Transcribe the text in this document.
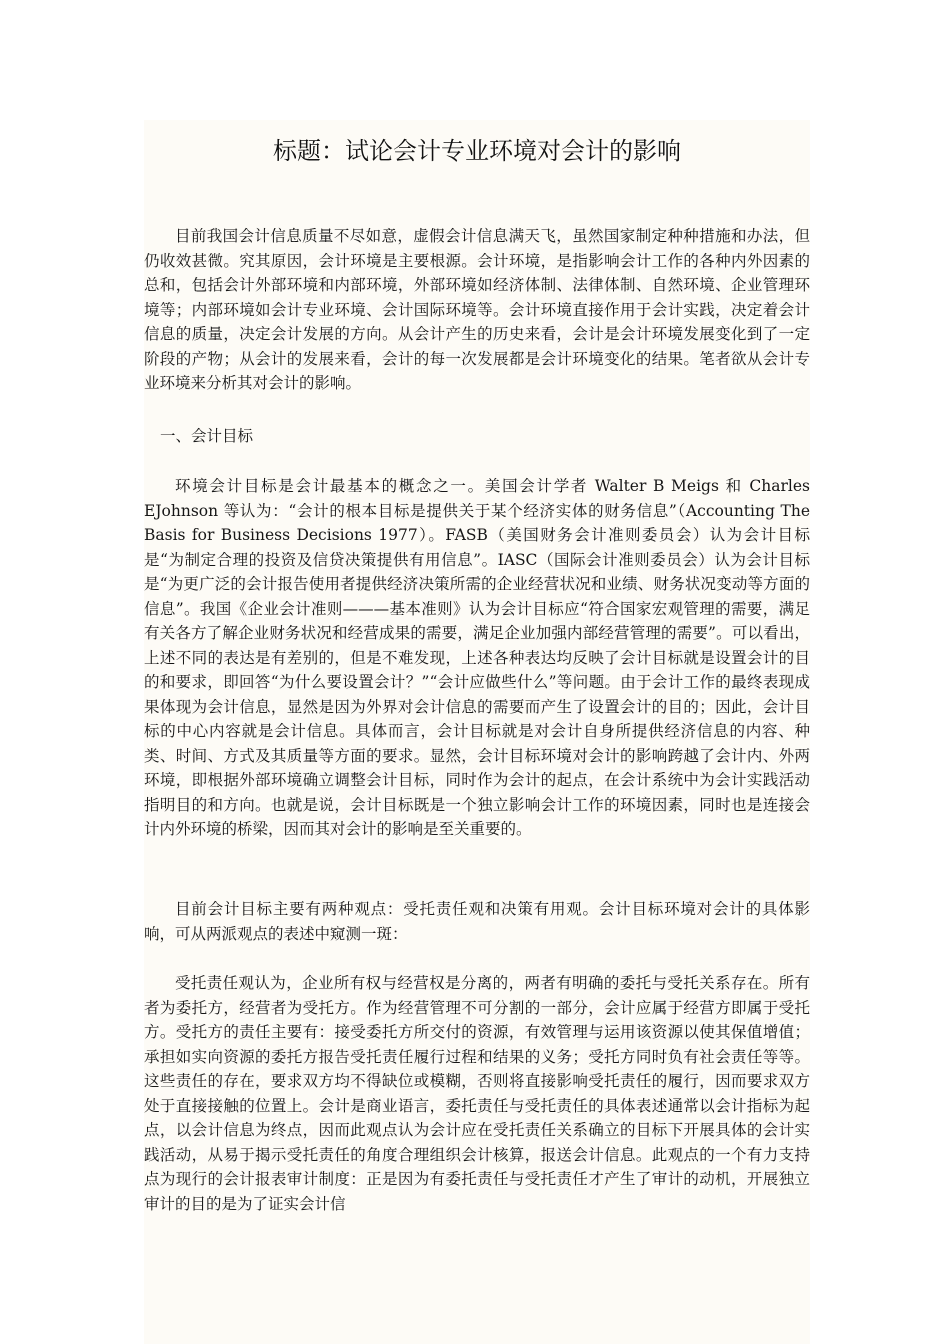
标题：试论会计专业环境对会计的影响

目前我国会计信息质量不尽如意，虚假会计信息满天飞，虽然国家制定种种措施和办法，但仍收效甚微。究其原因，会计环境是主要根源。会计环境，是指影响会计工作的各种内外因素的总和，包括会计外部环境和内部环境，外部环境如经济体制、法律体制、自然环境、企业管理环境等；内部环境如会计专业环境、会计国际环境等。会计环境直接作用于会计实践，决定着会计信息的质量，决定会计发展的方向。从会计产生的历史来看，会计是会计环境发展变化到了一定阶段的产物；从会计的发展来看，会计的每一次发展都是会计环境变化的结果。笔者欲从会计专业环境来分析其对会计的影响。

一、会计目标

环境会计目标是会计最基本的概念之一。美国会计学者 Walter B Meigs 和 Charles EJohnson 等认为：“会计的根本目标是提供关于某个经济实体的财务信息”（Accounting The Basis for Business Decisions 1977）。FASB（美国财务会计准则委员会）认为会计目标是“为制定合理的投资及信贷决策提供有用信息”。IASC（国际会计准则委员会）认为会计目标是“为更广泛的会计报告使用者提供经济决策所需的企业经营状况和业绩、财务状况变动等方面的信息”。我国《企业会计准则———基本准则》认为会计目标应“符合国家宏观管理的需要，满足有关各方了解企业财务状况和经营成果的需要，满足企业加强内部经营管理的需要”。可以看出，上述不同的表达是有差别的，但是不难发现，上述各种表达均反映了会计目标就是设置会计的目的和要求，即回答“为什么要设置会计？”“会计应做些什么”等问题。由于会计工作的最终表现成果体现为会计信息，显然是因为外界对会计信息的需要而产生了设置会计的目的；因此，会计目标的中心内容就是会计信息。具体而言，会计目标就是对会计自身所提供经济信息的内容、种类、时间、方式及其质量等方面的要求。显然，会计目标环境对会计的影响跨越了会计内、外两环境，即根据外部环境确立调整会计目标，同时作为会计的起点，在会计系统中为会计实践活动指明目的和方向。也就是说，会计目标既是一个独立影响会计工作的环境因素，同时也是连接会计内外环境的桥梁，因而其对会计的影响是至关重要的。

目前会计目标主要有两种观点：受托责任观和决策有用观。会计目标环境对会计的具体影响，可从两派观点的表述中窥测一斑：

受托责任观认为，企业所有权与经营权是分离的，两者有明确的委托与受托关系存在。所有者为委托方，经营者为受托方。作为经营管理不可分割的一部分，会计应属于经营方即属于受托方。受托方的责任主要有：接受委托方所交付的资源，有效管理与运用该资源以使其保值增值；承担如实向资源的委托方报告受托责任履行过程和结果的义务；受托方同时负有社会责任等等。这些责任的存在，要求双方均不得缺位或模糊，否则将直接影响受托责任的履行，因而要求双方处于直接接触的位置上。会计是商业语言，委托责任与受托责任的具体表述通常以会计指标为起点，以会计信息为终点，因而此观点认为会计应在受托责任关系确立的目标下开展具体的会计实践活动，从易于揭示受托责任的角度合理组织会计核算，报送会计信息。此观点的一个有力支持点为现行的会计报表审计制度：正是因为有委托责任与受托责任才产生了审计的动机，开展独立审计的目的是为了证实会计信
